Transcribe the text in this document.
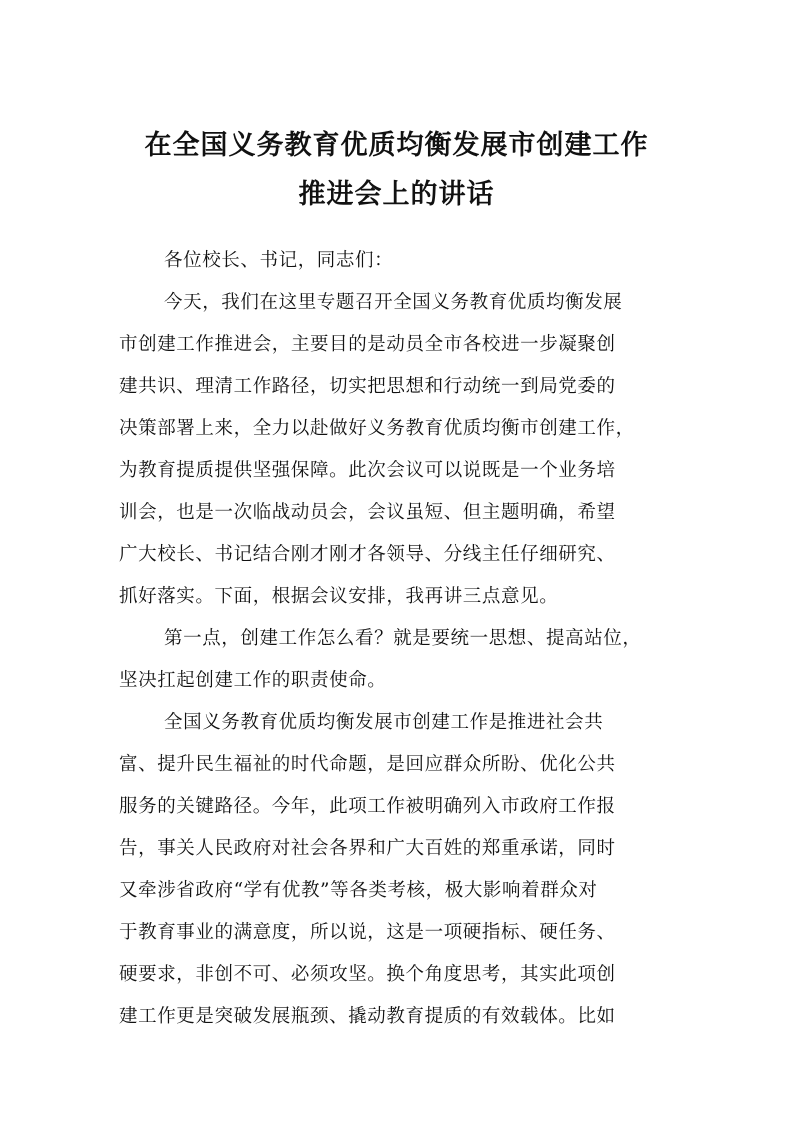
在全国义务教育优质均衡发展市创建工作
推进会上的讲话
各位校长、书记，同志们：
今天，我们在这里专题召开全国义务教育优质均衡发展
市创建工作推进会，主要目的是动员全市各校进一步凝聚创
建共识、理清工作路径，切实把思想和行动统一到局党委的
决策部署上来，全力以赴做好义务教育优质均衡市创建工作，
为教育提质提供坚强保障。此次会议可以说既是一个业务培
训会，也是一次临战动员会，会议虽短、但主题明确，希望
广大校长、书记结合刚才刚才各领导、分线主任仔细研究、
抓好落实。下面，根据会议安排，我再讲三点意见。
第一点，创建工作怎么看？就是要统一思想、提高站位，
坚决扛起创建工作的职责使命。
全国义务教育优质均衡发展市创建工作是推进社会共
富、提升民生福祉的时代命题，是回应群众所盼、优化公共
服务的关键路径。今年，此项工作被明确列入市政府工作报
告，事关人民政府对社会各界和广大百姓的郑重承诺，同时
又牵涉省政府“学有优教”等各类考核，极大影响着群众对
于教育事业的满意度，所以说，这是一项硬指标、硬任务、
硬要求，非创不可、必须攻坚。换个角度思考，其实此项创
建工作更是突破发展瓶颈、撬动教育提质的有效载体。比如
